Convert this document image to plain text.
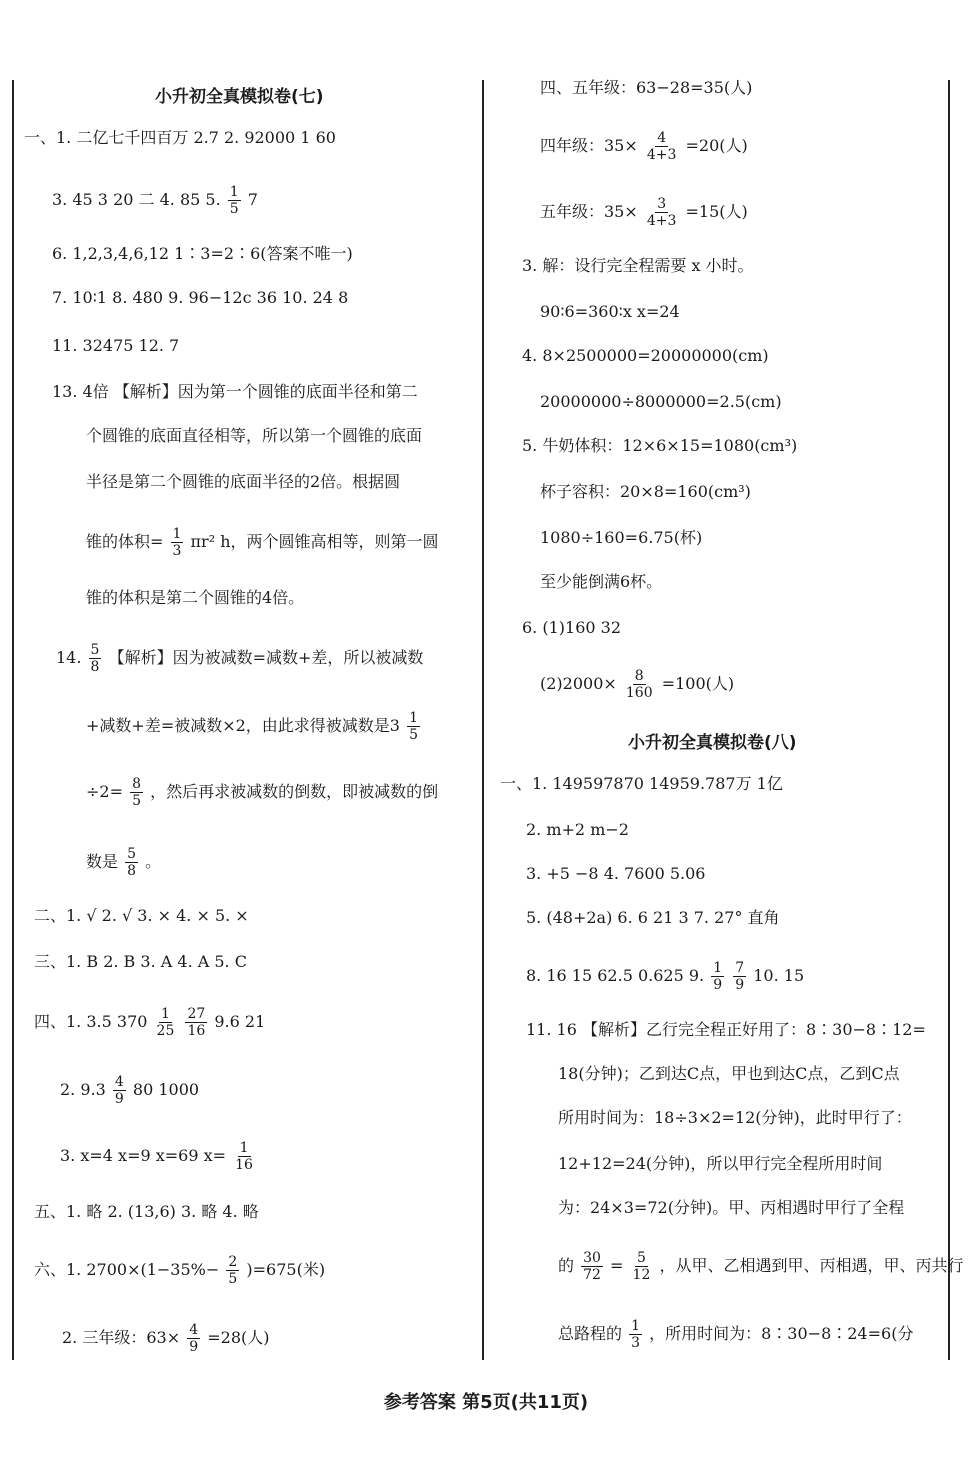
小升初全真模拟卷(七)
一、1. 二亿七千四百万 2.7 2. 92000 1 60
3. 45 3 20 二 4. 85 5. $\frac{1}{5} 7$
6. 1,2,3,4,6,12 1∶3=2∶6(答案不唯一)
7. 10∶1 8. 480 9. 96−12c 36 10. 24 8
11. 32475 12. 7
13. 4倍 【解析】因为第一个圆锥的底面半径和第二
个圆锥的底面直径相等，所以第一个圆锥的底面
半径是第二个圆锥的底面半径的2倍。根据圆
锥的体积= $\frac{1}{3} \pi r^2$ h，两个圆锥高相等，则第一圆
锥的体积是第二个圆锥的4倍。
14. $\frac{5}{8}$ 【解析】因为被减数=减数+差，所以被减数
+减数+差=被减数×2，由此求得被减数是$3 \frac{1}{5}$
$\div 2= \frac{8}{5}$ ，然后再求被减数的倒数，即被减数的倒
数是 $\frac{5}{8}$ 。
二、1. √ 2. √ 3. × 4. × 5. ×
三、1. B 2. B 3. A 4. A 5. C
四、1. 3.5 $370 \frac{1}{25}$
$\frac{27}{16} 9.6$ 21
2. $9.3 \frac{4}{9} 80$ 1000
3. x=4 x=9 x=69 $x= \frac{1}{16}$
五、1. 略 2. (13,6) 3. 略 4. 略
六、1. $2700\times(1-35\%- \frac{2}{5} )=675$(米)
2. 三年级：$63\times \frac{4}{9} =28$(人)
四、五年级：63−28=35(人)
四年级：$35\times \frac{4}{4+3} =20$(人)
五年级：$35\times \frac{3}{4+3} =15$(人)
3. 解：设行完全程需要 x 小时。
90∶6=360∶x x=24
4. 8×2500000=20000000(cm)
20000000÷8000000=2.5(cm)
5. 牛奶体积：12×6×15=1080(cm³)
杯子容积：20×8=160(cm³)
1080÷160=6.75(杯)
至少能倒满6杯。
6. (1)160 32
$(2)2000\times \frac{8}{160} =100$(人)
小升初全真模拟卷(八)
一、1. 149597870 14959.787万 1亿
2. m+2 m−2
3. +5 −8 4. 7600 5.06
5. (48+2a) 6. 6 21 3 7. 27° 直角
8. 16 15 62.5 0.625 9. $\frac{1}{9}$
$\frac{7}{9} 10$. 15
11. 16 【解析】乙行完全程正好用了：8∶30−8∶12=
18(分钟)；乙到达C点，甲也到达C点，乙到C点
所用时间为：18÷3×2=12(分钟)，此时甲行了：
12+12=24(分钟)，所以甲行完全程所用时间
为：24×3=72(分钟)。甲、丙相遇时甲行了全程
的 $\frac{30}{72} = \frac{5}{12}$ ，从甲、乙相遇到甲、丙相遇，甲、丙共行
总路程的 $\frac{1}{3}$ ，所用时间为：8∶30−8∶24=6(分
参考答案 第5页(共11页)
